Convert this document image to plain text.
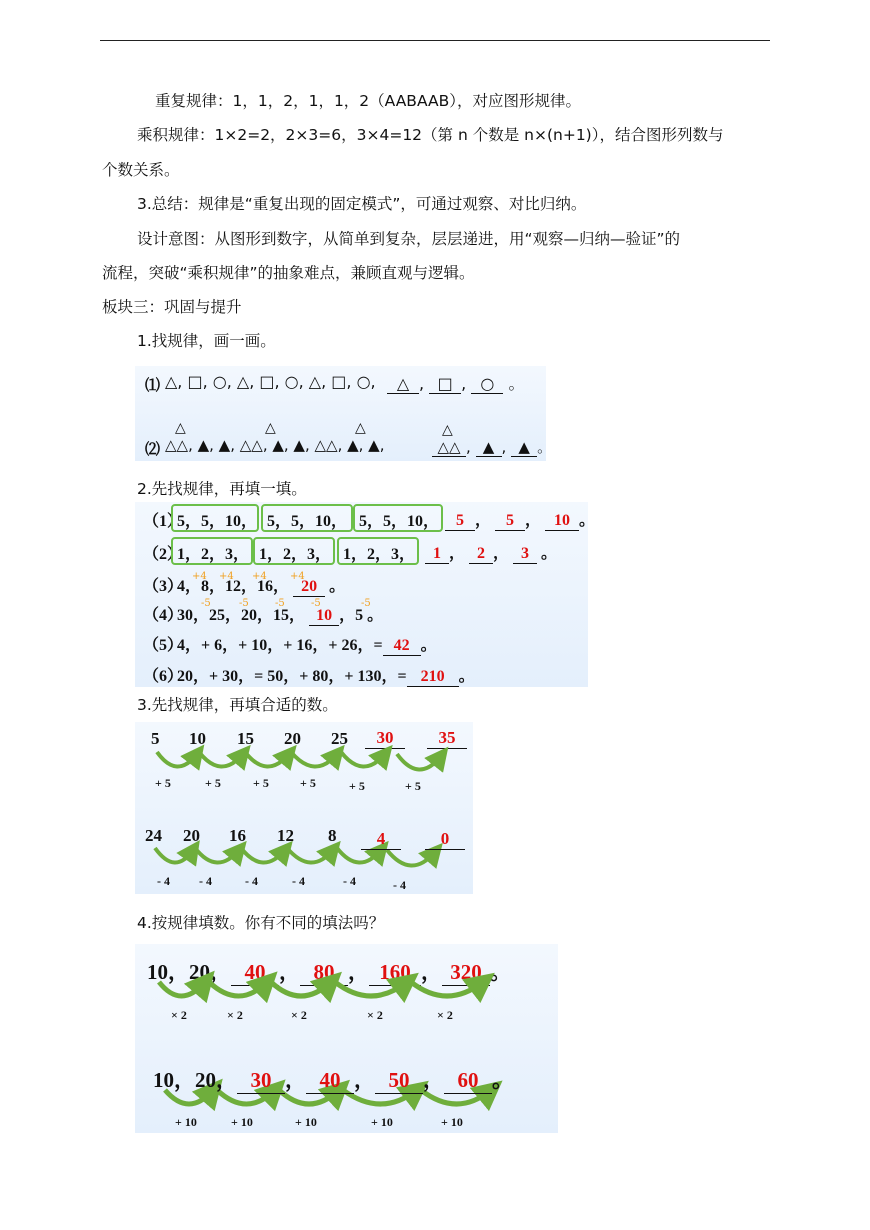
重复规律：1，1，2，1，1，2（AABAAB），对应图形规律。
乘积规律：1×2=2，2×3=6，3×4=12（第 n 个数是 n×(n+1)），结合图形列数与
个数关系。
3.总结：规律是“重复出现的固定模式”，可通过观察、对比归纳。
设计意图：从图形到数字，从简单到复杂，层层递进，用“观察—归纳—验证”的
流程，突破“乘积规律”的抽象难点，兼顾直观与逻辑。
板块三：巩固与提升
1.找规律，画一画。
⑴ △, □, ○, △, □, ○, △, □, ○,	△ , □ , ○ 。
△	△	△	△
⑵ △△, ▲, ▲, △△, ▲, ▲, △△, ▲, ▲,	△△ , ▲ , ▲ 。
2.先找规律，再填一填。
（1）
5，5，10， 5，5，10， 5，5，10，	5 ， 5 ， 10 。
（2）
1，2，3， 1，2，3， 1，2，3，	1 ， 2 ， 3 。
（3）
4，8，12，16， 20 。
+4 +4 +4 +4
（4）
30，25，20，15， 10 ，5 。
-5	-5	-5	-5	-5
（5）
4，+ 6，+ 10，+ 16，+ 26，= 42 。
（6）
20，+ 30，= 50，+ 80，+ 130，= 210 。
3.先找规律，再填合适的数。
5 10 15 20 25	30	35
+ 5	+ 5	+ 5	+ 5	+ 5	+ 5
24 20 16 12 8	4	0
- 4 - 4	- 4	- 4	- 4	- 4
4.按规律填数。你有不同的填法吗？
10，20， 40 ， 80 ， 160 ， 320 。
× 2	× 2	× 2	× 2	× 2
10，20， 30 ， 40 ， 50 ， 60 。
+ 10	+ 10	+ 10	+ 10	+ 10
